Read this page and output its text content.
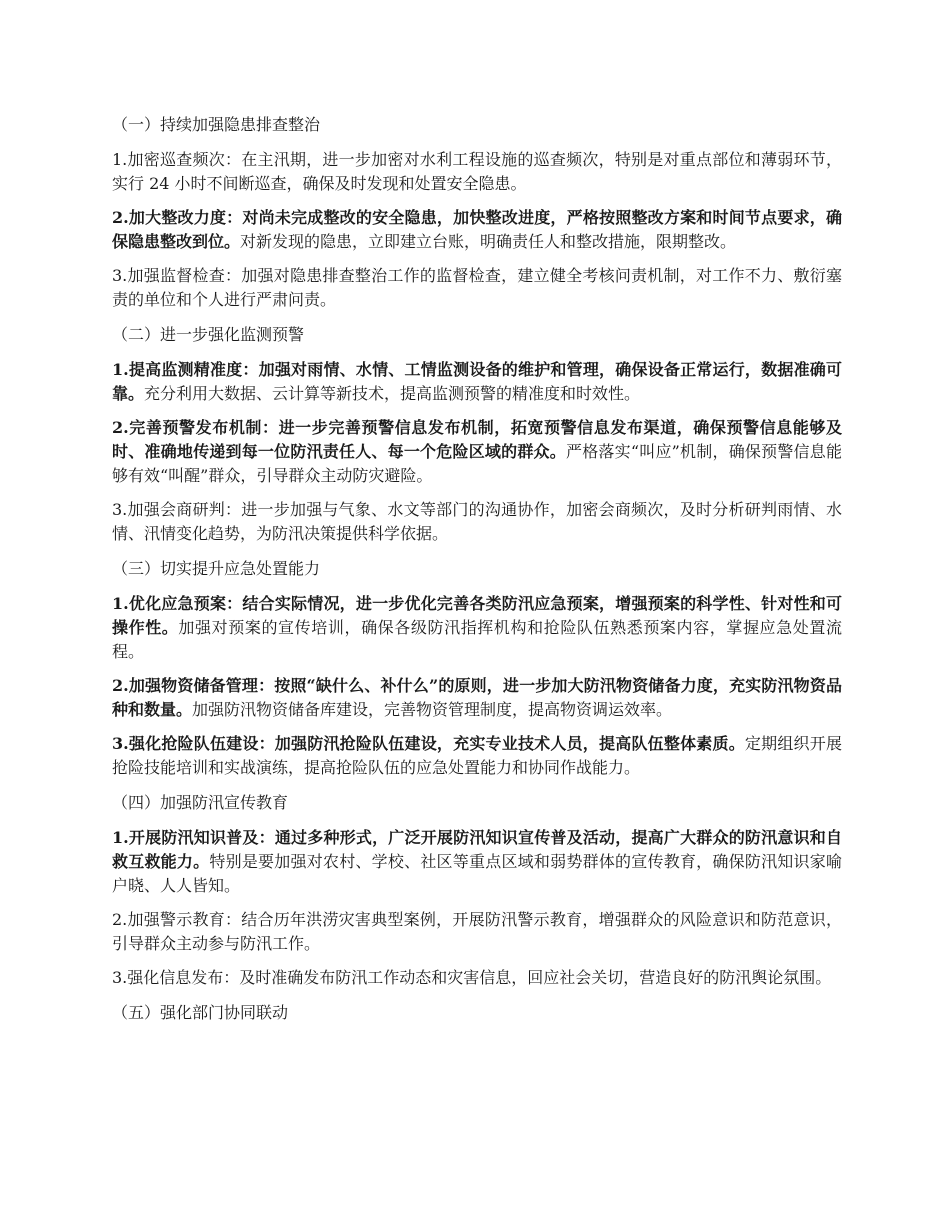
（一）持续加强隐患排查整治
1.加密巡查频次：在主汛期，进一步加密对水利工程设施的巡查频次，特别是对重点部位和薄弱环节，实行 24 小时不间断巡查，确保及时发现和处置安全隐患。
2.加大整改力度：对尚未完成整改的安全隐患，加快整改进度，严格按照整改方案和时间节点要求，确保隐患整改到位。对新发现的隐患，立即建立台账，明确责任人和整改措施，限期整改。
3.加强监督检查：加强对隐患排查整治工作的监督检查，建立健全考核问责机制，对工作不力、敷衍塞责的单位和个人进行严肃问责。
（二）进一步强化监测预警
1.提高监测精准度：加强对雨情、水情、工情监测设备的维护和管理，确保设备正常运行，数据准确可靠。充分利用大数据、云计算等新技术，提高监测预警的精准度和时效性。
2.完善预警发布机制：进一步完善预警信息发布机制，拓宽预警信息发布渠道，确保预警信息能够及时、准确地传递到每一位防汛责任人、每一个危险区域的群众。严格落实“叫应”机制，确保预警信息能够有效“叫醒”群众，引导群众主动防灾避险。
3.加强会商研判：进一步加强与气象、水文等部门的沟通协作，加密会商频次，及时分析研判雨情、水情、汛情变化趋势，为防汛决策提供科学依据。
（三）切实提升应急处置能力
1.优化应急预案：结合实际情况，进一步优化完善各类防汛应急预案，增强预案的科学性、针对性和可操作性。加强对预案的宣传培训，确保各级防汛指挥机构和抢险队伍熟悉预案内容，掌握应急处置流程。
2.加强物资储备管理：按照“缺什么、补什么”的原则，进一步加大防汛物资储备力度，充实防汛物资品种和数量。加强防汛物资储备库建设，完善物资管理制度，提高物资调运效率。
3.强化抢险队伍建设：加强防汛抢险队伍建设，充实专业技术人员，提高队伍整体素质。定期组织开展抢险技能培训和实战演练，提高抢险队伍的应急处置能力和协同作战能力。
（四）加强防汛宣传教育
1.开展防汛知识普及：通过多种形式，广泛开展防汛知识宣传普及活动，提高广大群众的防汛意识和自救互救能力。特别是要加强对农村、学校、社区等重点区域和弱势群体的宣传教育，确保防汛知识家喻户晓、人人皆知。
2.加强警示教育：结合历年洪涝灾害典型案例，开展防汛警示教育，增强群众的风险意识和防范意识，引导群众主动参与防汛工作。
3.强化信息发布：及时准确发布防汛工作动态和灾害信息，回应社会关切，营造良好的防汛舆论氛围。
（五）强化部门协同联动
